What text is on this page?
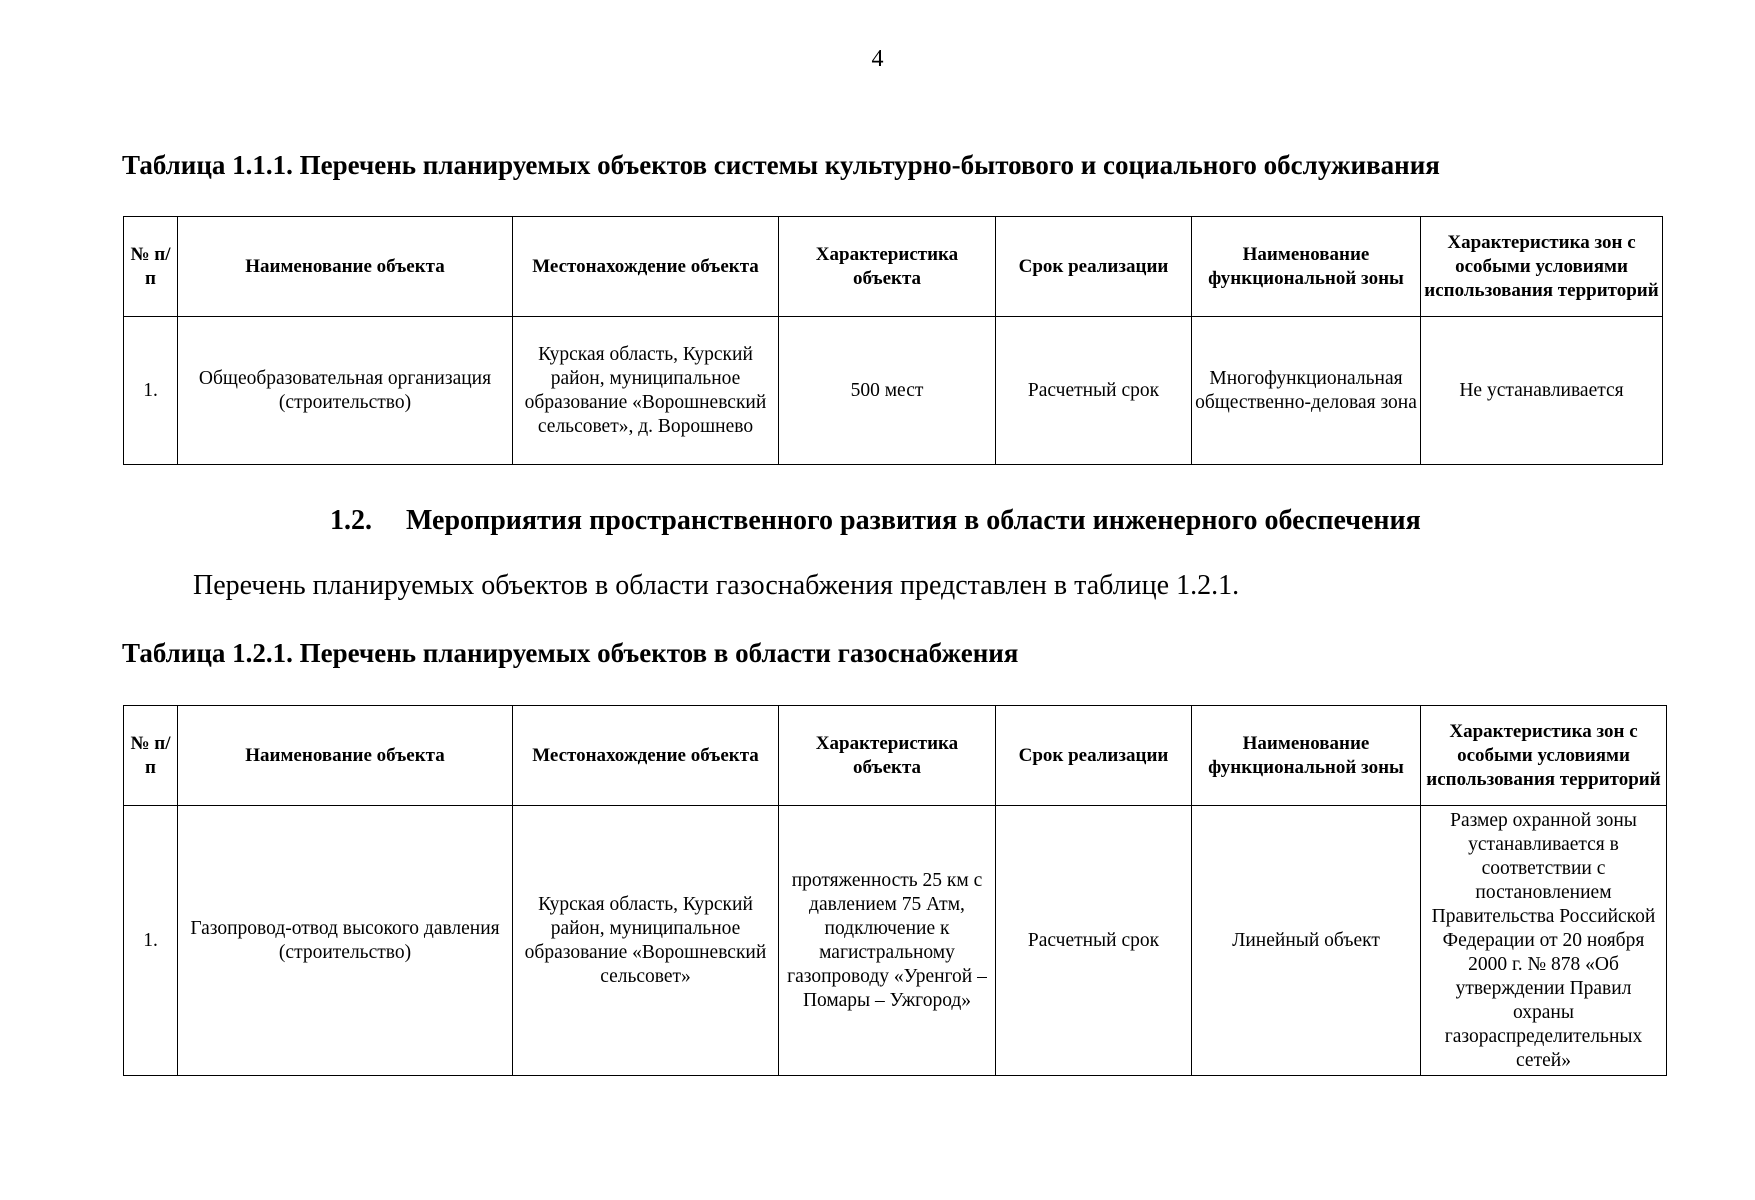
4
Таблица 1.1.1. Перечень планируемых объектов системы культурно-бытового и социального обслуживания
№ п/п	Наименование объекта	Местонахождение объекта	Характеристика объекта	Срок реализации	Наименование функциональной зоны	Характеристика зон с особыми условиями использования территорий
1.	Общеобразовательная организация (строительство)	Курская область, Курский район, муниципальное образование «Ворошневский сельсовет», д. Ворошнево	500 мест	Расчетный срок	Многофункциональная общественно-деловая зона	Не устанавливается
1.2. Мероприятия пространственного развития в области инженерного обеспечения
Перечень планируемых объектов в области газоснабжения представлен в таблице 1.2.1.
Таблица 1.2.1. Перечень планируемых объектов в области газоснабжения
№ п/п	Наименование объекта	Местонахождение объекта	Характеристика объекта	Срок реализации	Наименование функциональной зоны	Характеристика зон с особыми условиями использования территорий
1.	Газопровод-отвод высокого давления (строительство)	Курская область, Курский район, муниципальное образование «Ворошневский сельсовет»	протяженность 25 км с давлением 75 Атм, подключение к магистральному газопроводу «Уренгой – Помары – Ужгород»	Расчетный срок	Линейный объект	Размер охранной зоны устанавливается в соответствии с постановлением Правительства Российской Федерации от 20 ноября 2000 г. № 878 «Об утверждении Правил охраны газораспределительных сетей»
